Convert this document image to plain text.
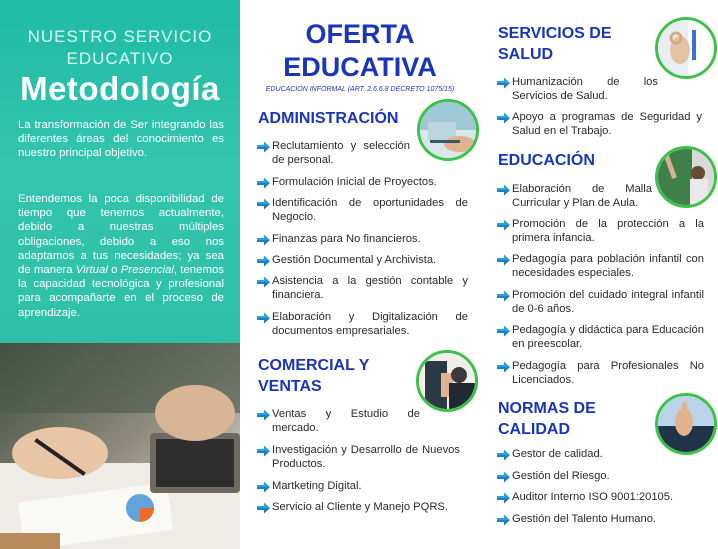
NUESTRO SERVICIO EDUCATIVO
Metodología

La transformación de Ser integrando las diferentes áreas del conocimiento es nuestro principal objetivo.

Entendemos la poca disponibilidad de tiempo que tenemos actualmente, debido a nuestras múltiples obligaciones, debido a eso nos adaptamos a tus necesidades; ya sea de manera Virtual o Presencial, tenemos la capacidad tecnológica y profesional para acompañarte en el proceso de aprendizaje.

OFERTA
EDUCATIVA
EDUCACIÓN INFORMAL (ART. 2.6.6.8 DECRETO 1075/15)
ADMINISTRACIÓN
Reclutamiento y selección de personal.
Formulación Inicial de Proyectos.
Identificación de oportunidades de Negocio.
Finanzas para No financieros.
Gestión Documental y Archivista.
Asistencia a la gestión contable y financiera.
Elaboración y Digitalización de documentos empresariales.
COMERCIAL Y
VENTAS
Ventas y Estudio de mercado.
Investigación y Desarrollo de Nuevos Productos.
Martketing Digital.
Servicio al Cliente y Manejo PQRS.
SERVICIOS DE
SALUD
Humanización de los Servicios de Salud.
Apoyo a programas de Seguridad y Salud en el Trabajo.
EDUCACIÓN
Elaboración de Malla Curricular y Plan de Aula.
Promoción de la protección a la primera infancia.
Pedagogía para población infantil con necesidades especiales.
Promoción del cuidado integral infantil de 0-6 años.
Pedagogía y didáctica para Educación en preescolar.
Pedagogía para Profesionales No Licenciados.
NORMAS DE
CALIDAD
Gestor de calidad.
Gestión del Riesgo.
Auditor Interno ISO 9001:20105.
Gestión del Talento Humano.
